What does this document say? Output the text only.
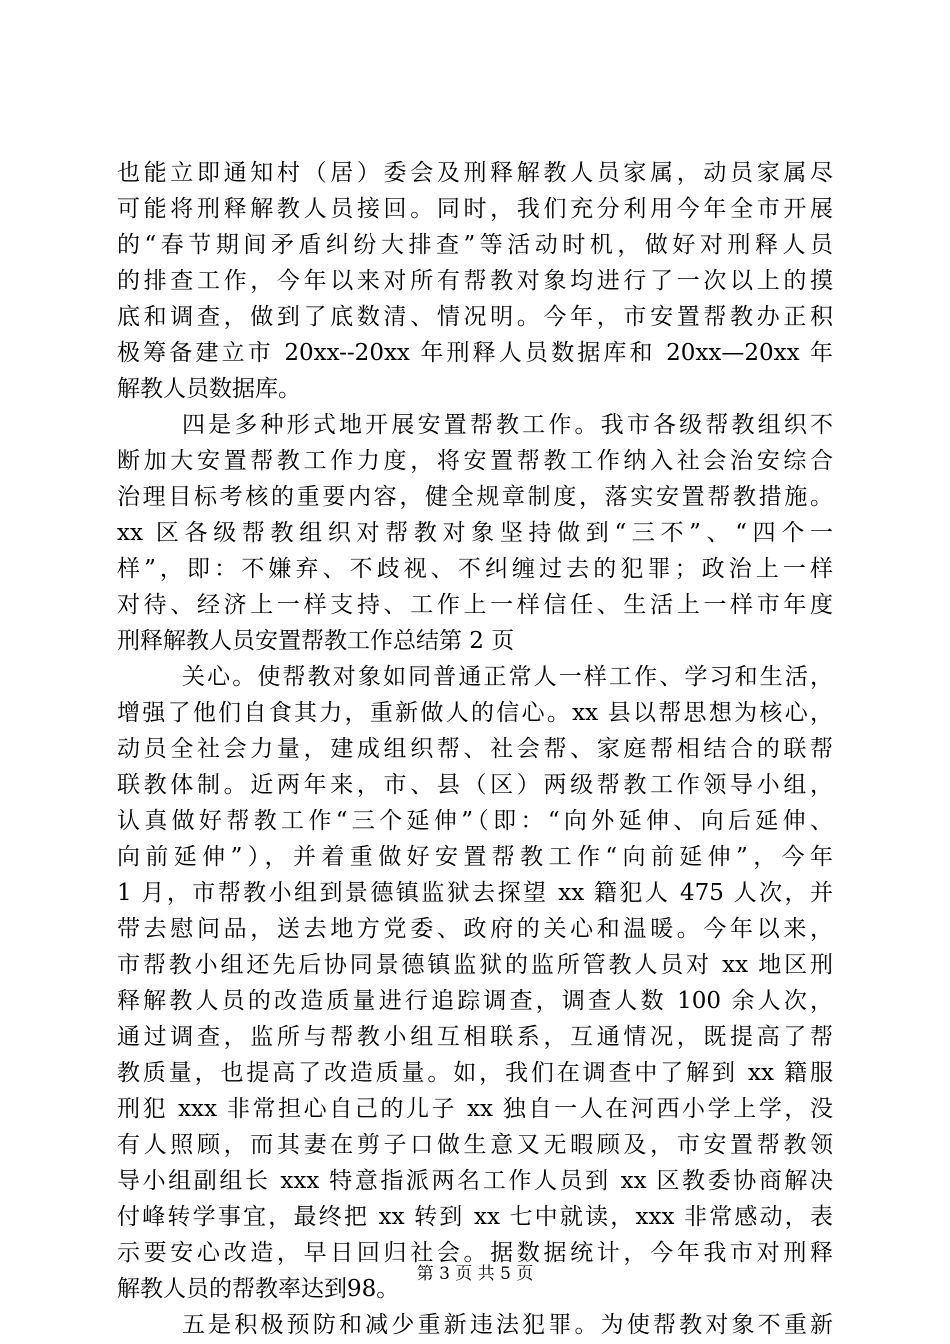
也能立即通知村（居）委会及刑释解教人员家属，动员家属尽
可能将刑释解教人员接回。同时，我们充分利用今年全市开展
的“春节期间矛盾纠纷大排查”等活动时机，做好对刑释人员
的排查工作，今年以来对所有帮教对象均进行了一次以上的摸
底和调查，做到了底数清、情况明。今年，市安置帮教办正积
极筹备建立市 20xx--20xx 年刑释人员数据库和 20xx—20xx 年
解教人员数据库。
四是多种形式地开展安置帮教工作。我市各级帮教组织不
断加大安置帮教工作力度，将安置帮教工作纳入社会治安综合
治理目标考核的重要内容，健全规章制度，落实安置帮教措施。
xx 区各级帮教组织对帮教对象坚持做到“三不”、“四个一
样”，即：不嫌弃、不歧视、不纠缠过去的犯罪；政治上一样
对待、经济上一样支持、工作上一样信任、生活上一样市年度
刑释解教人员安置帮教工作总结第 2 页
关心。使帮教对象如同普通正常人一样工作、学习和生活，
增强了他们自食其力，重新做人的信心。xx 县以帮思想为核心，
动员全社会力量，建成组织帮、社会帮、家庭帮相结合的联帮
联教体制。近两年来，市、县（区）两级帮教工作领导小组，
认真做好帮教工作“三个延伸”（即：“向外延伸、向后延伸、
向前延伸”），并着重做好安置帮教工作“向前延伸”，今年
1 月，市帮教小组到景德镇监狱去探望 xx 籍犯人 475 人次，并
带去慰问品，送去地方党委、政府的关心和温暖。今年以来，
市帮教小组还先后协同景德镇监狱的监所管教人员对 xx 地区刑
释解教人员的改造质量进行追踪调查，调查人数 100 余人次，
通过调查，监所与帮教小组互相联系，互通情况，既提高了帮
教质量，也提高了改造质量。如，我们在调查中了解到 xx 籍服
刑犯 xxx 非常担心自己的儿子 xx 独自一人在河西小学上学，没
有人照顾，而其妻在剪子口做生意又无暇顾及，市安置帮教领
导小组副组长 xxx 特意指派两名工作人员到 xx 区教委协商解决
付峰转学事宜，最终把 xx 转到 xx 七中就读，xxx 非常感动，表
示要安心改造，早日回归社会。据数据统计，今年我市对刑释
解教人员的帮教率达到98。
五是积极预防和减少重新违法犯罪。为使帮教对象不重新
第 3 页 共 5 页
